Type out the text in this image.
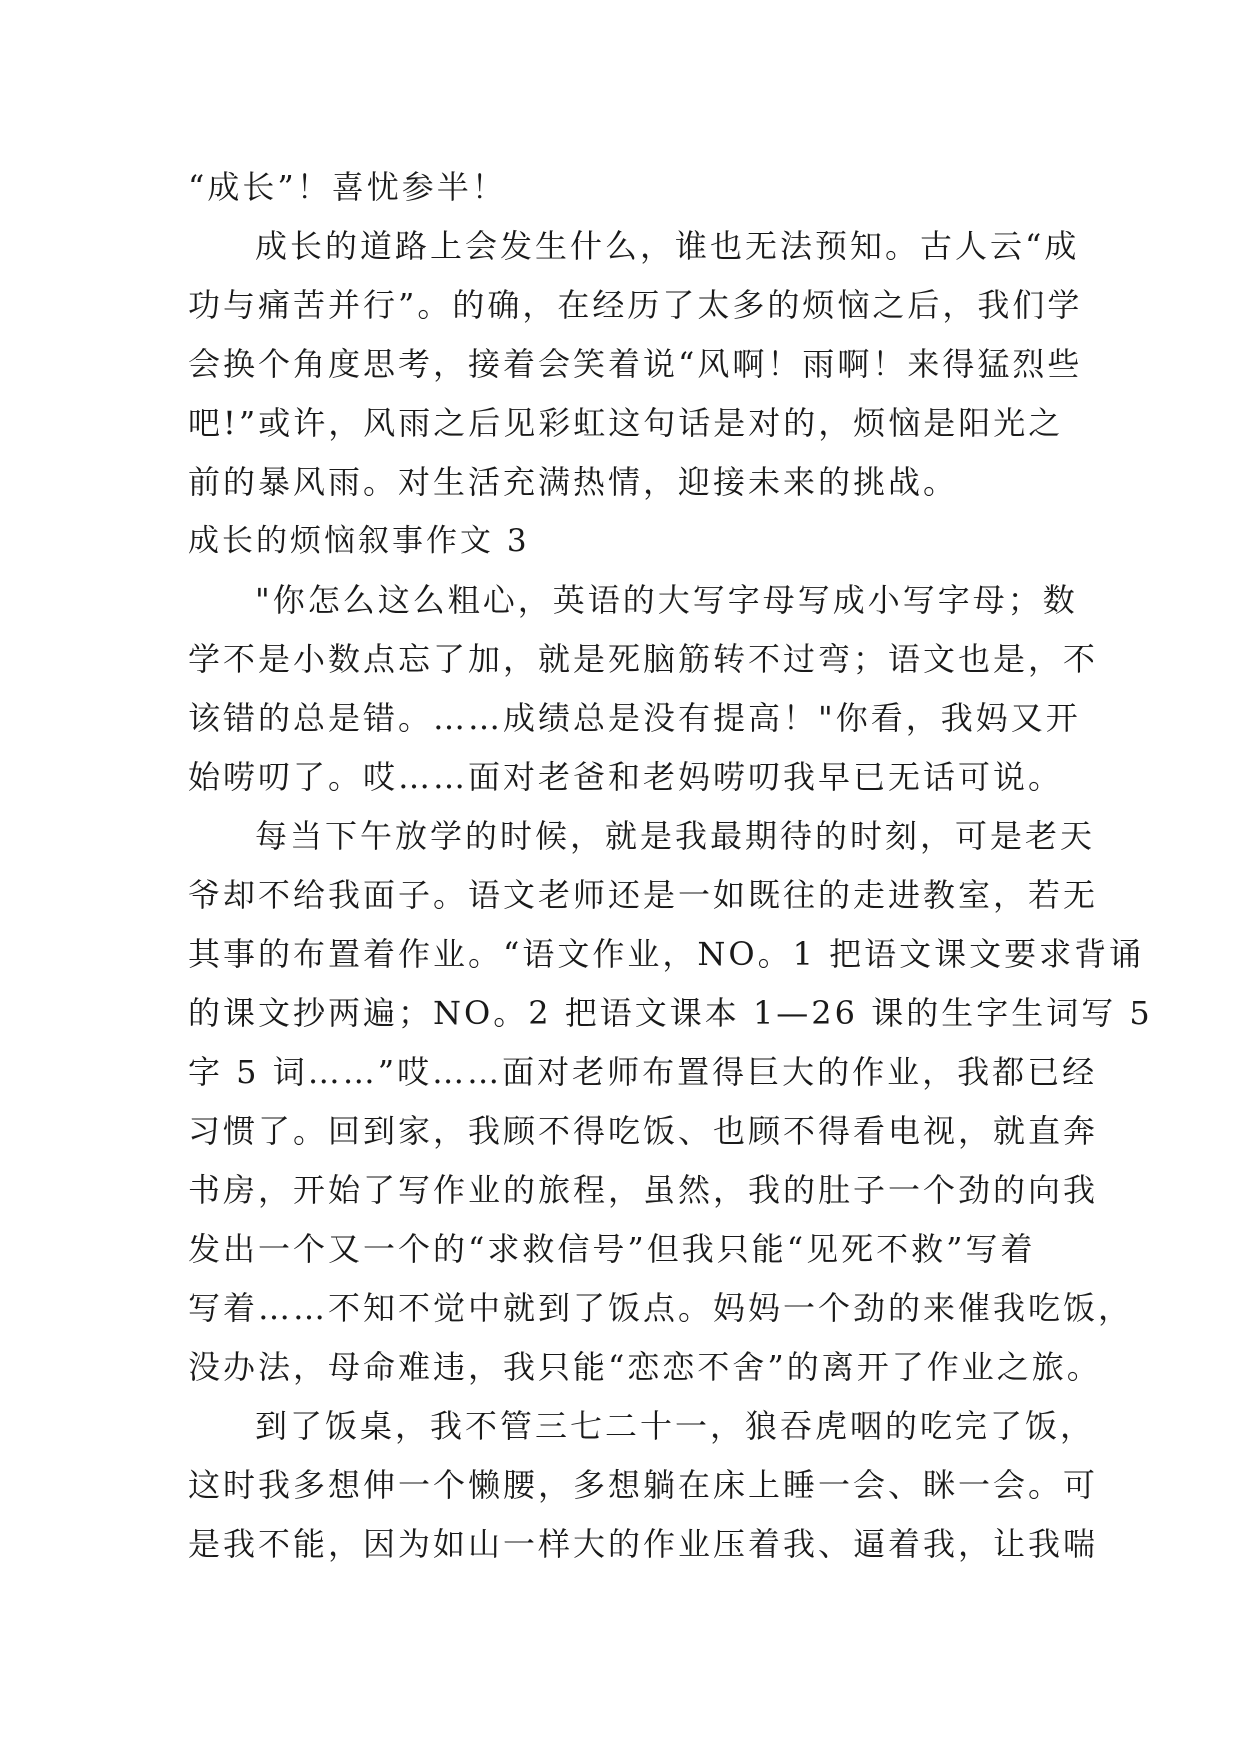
“成长”！喜忧参半！
成长的道路上会发生什么，谁也无法预知。古人云“成
功与痛苦并行”。的确，在经历了太多的烦恼之后，我们学
会换个角度思考，接着会笑着说“风啊！雨啊！来得猛烈些
吧!”或许，风雨之后见彩虹这句话是对的，烦恼是阳光之
前的暴风雨。对生活充满热情，迎接未来的挑战。
成长的烦恼叙事作文 3
"你怎么这么粗心，英语的大写字母写成小写字母；数
学不是小数点忘了加，就是死脑筋转不过弯；语文也是，不
该错的总是错。……成绩总是没有提高！"你看，我妈又开
始唠叨了。哎……面对老爸和老妈唠叨我早已无话可说。
每当下午放学的时候，就是我最期待的时刻，可是老天
爷却不给我面子。语文老师还是一如既往的走进教室，若无
其事的布置着作业。“语文作业，NO。1 把语文课文要求背诵
的课文抄两遍；NO。2 把语文课本 1—26 课的生字生词写 5
字 5 词……”哎……面对老师布置得巨大的作业，我都已经
习惯了。回到家，我顾不得吃饭、也顾不得看电视，就直奔
书房，开始了写作业的旅程，虽然，我的肚子一个劲的向我
发出一个又一个的“求救信号”但我只能“见死不救”写着
写着……不知不觉中就到了饭点。妈妈一个劲的来催我吃饭，
没办法，母命难违，我只能“恋恋不舍”的离开了作业之旅。
到了饭桌，我不管三七二十一，狼吞虎咽的吃完了饭，
这时我多想伸一个懒腰，多想躺在床上睡一会、眯一会。可
是我不能，因为如山一样大的作业压着我、逼着我，让我喘
